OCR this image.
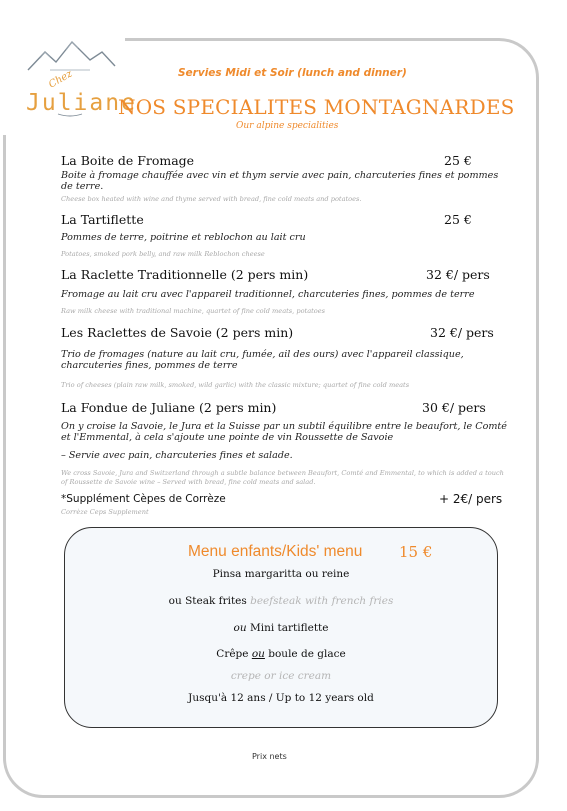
Chez
Juliane
Servies Midi et Soir (lunch and dinner)
NOS SPECIALITES MONTAGNARDES
Our alpine specialities
La Boite de Fromage	25 €
Boite à fromage chauffée avec vin et thym servie avec pain, charcuteries fines et pommes de terre.
Cheese box heated with wine and thyme served with bread, fine cold meats and potatoes.
La Tartiflette	25 €
Pommes de terre, poitrine et reblochon au lait cru
Potatoes, smoked pork belly, and raw milk Reblochon cheese
La Raclette Traditionnelle (2 pers min)	32 €/ pers
Fromage au lait cru avec l'appareil traditionnel, charcuteries fines, pommes de terre
Raw milk cheese with traditional machine, quartet of fine cold meats, potatoes
Les Raclettes de Savoie (2 pers min)	32 €/ pers
Trio de fromages (nature au lait cru, fumée, ail des ours) avec l'appareil classique, charcuteries fines, pommes de terre
Trio of cheeses (plain raw milk, smoked, wild garlic) with the classic mixture; quartet of fine cold meats
La Fondue de Juliane (2 pers min)	30 €/ pers
On y croise la Savoie, le Jura et la Suisse par un subtil équilibre entre le beaufort, le Comté et l'Emmental, à cela s'ajoute une pointe de vin Roussette de Savoie
– Servie avec pain, charcuteries fines et salade.
We cross Savoie, Jura and Switzerland through a subtle balance between Beaufort, Comté and Emmental, to which is added a touch of Roussette de Savoie wine – Served with bread, fine cold meats and salad.
*Supplément Cèpes de Corrèze	+ 2€/ pers
Corrèze Ceps Supplement
Menu enfants/Kids' menu 15 €
Pinsa margaritta ou reine
ou Steak frites beefsteak with french fries
ou Mini tartiflette
Crêpe ou boule de glace
crepe or ice cream
Jusqu'à 12 ans / Up to 12 years old
Prix nets
